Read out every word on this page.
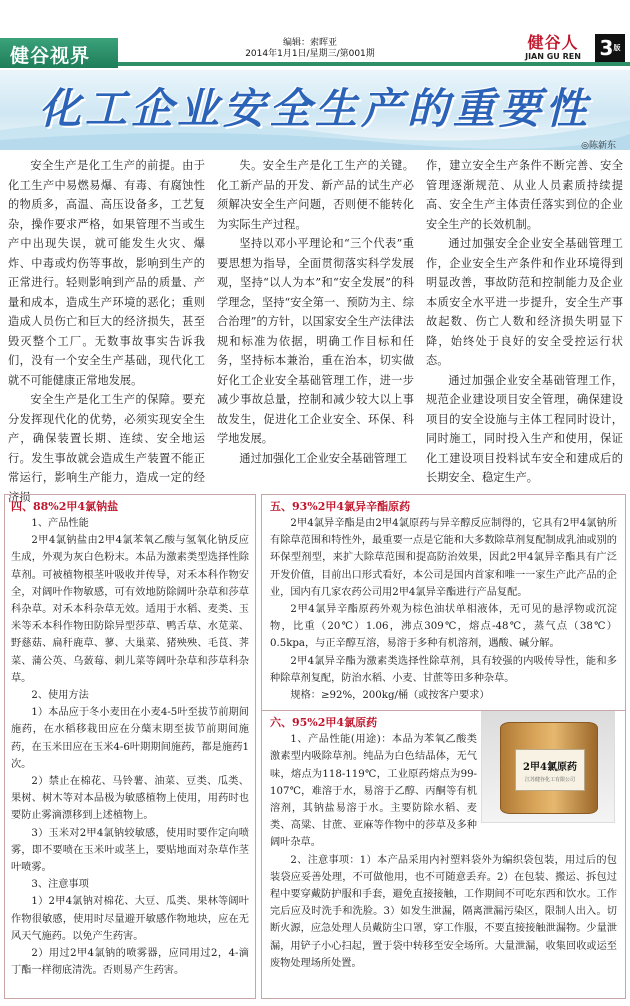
健谷视界
编辑：索晖亚
2014年1月1日/星期三/第001期
健谷人
JIAN GU REN $3^版$
化工企业安全生产的重要性
◎陈新东

安全生产是化工生产的前提。由于化工生产中易燃易爆、有毒、有腐蚀性的物质多，高温、高压设备多，工艺复杂，操作要求严格，如果管理不当或生产中出现失误，就可能发生火灾、爆炸、中毒或灼伤等事故，影响到生产的正常进行。轻则影响到产品的质量、产量和成本，造成生产环境的恶化；重则造成人员伤亡和巨大的经济损失，甚至毁灭整个工厂。无数事故事实告诉我们，没有一个安全生产基础，现代化工就不可能健康正常地发展。

安全生产是化工生产的保障。要充分发挥现代化的优势，必须实现安全生产，确保装置长期、连续、安全地运行。发生事故就会造成生产装置不能正常运行，影响生产能力，造成一定的经济损

失。安全生产是化工生产的关键。化工新产品的开发、新产品的试生产必须解决安全生产问题，否则便不能转化为实际生产过程。

坚持以邓小平理论和“三个代表”重要思想为指导，全面贯彻落实科学发展观，坚持“以人为本”和“安全发展”的科学理念，坚持“安全第一、预防为主、综合治理”的方针，以国家安全生产法律法规和标准为依据，明确工作目标和任务，坚持标本兼治，重在治本，切实做好化工企业安全基础管理工作，进一步减少事故总量，控制和减少较大以上事故发生，促进化工企业安全、环保、科学地发展。

通过加强化工企业安全基础管理工

作，建立安全生产条件不断完善、安全管理逐渐规范、从业人员素质持续提高、安全生产主体责任落实到位的企业安全生产的长效机制。

通过加强安全企业安全基础管理工作，企业安全生产条件和作业环境得到明显改善，事故防范和控制能力及企业本质安全水平进一步提升，安全生产事故起数、伤亡人数和经济损失明显下降，始终处于良好的安全受控运行状态。

通过加强企业安全基础管理工作，规范企业建设项目安全管理，确保建设项目的安全设施与主体工程同时设计，同时施工，同时投入生产和使用，保证化工建设项目投料试车安全和建成后的长期安全、稳定生产。

四、88%2甲4氯钠盐

1、产品性能

2甲4氯钠盐由2甲4氯苯氧乙酸与氢氧化钠反应生成，外观为灰白色粉末。本品为激素类型选择性除草剂。可被植物根茎叶吸收并传导，对禾本科作物安全，对阔叶作物敏感，可有效地防除阔叶杂草和莎草科杂草。对禾本科杂草无效。适用于水稻、麦类、玉米等禾本科作物田防除异型莎草、鸭舌草、水苋菜、野慈菇、扁秆鹿草、蓼、大巢菜、猪殃殃、毛茛、荠菜、蒲公英、乌蔹莓、刺儿菜等阔叶杂草和莎草科杂草。

2、使用方法

1）本品应于冬小麦田在小麦4-5叶至拔节前期间施药，在水稻移栽田应在分蘖末期至拔节前期间施药，在玉米田应在玉米4-6叶期期间施药，都是施药1次。

2）禁止在棉花、马铃薯、油菜、豆类、瓜类、果树、树木等对本品极为敏感植物上使用，用药时也要防止雾滴漂移到上述植物上。

3）玉米对2甲4氯钠较敏感，使用时要作定向喷雾，即不要喷在玉米叶或茎上，要贴地面对杂草作茎叶喷雾。

3、注意事项

1）2甲4氯钠对棉花、大豆、瓜类、果林等阔叶作物很敏感，使用时尽量避开敏感作物地块，应在无风天气施药。以免产生药害。

2）用过2甲4氯钠的喷雾器，应同用过2，4-滴丁酯一样彻底清洗。否则易产生药害。

五、93%2甲4氯异辛酯原药

2甲4氯异辛酯是由2甲4氯原药与异辛醇反应制得的，它具有2甲4氯钠所有除草范围和特性外，最重要一点是它能和大多数除草剂复配制成乳油或别的环保型剂型，来扩大除草范围和提高防治效果，因此2甲4氯异辛酯具有广泛开发价值，目前出口形式看好，本公司是国内首家和唯一一家生产此产品的企业，国内有几家农药公司用2甲4氯异辛酯进行产品复配。

2甲4氯异辛酯原药外观为棕色油状单相液体，无可见的悬浮物或沉淀物，比重（20℃）1.06，沸点309℃，熔点-48℃，蒸气点（38℃）0.5kpa，与正辛醇互溶，易溶于多种有机溶剂，遇酸、碱分解。

2甲4氯异辛酯为激素类选择性除草剂，具有较强的内吸传导性，能和多种除草剂复配，防治水稻、小麦、甘蔗等田多种杂草。

规格：≥92%，200kg/桶（或按客户要求）

六、95%2甲4氯原药

1、产品性能(用途)：本品为苯氧乙酸类激素型内吸除草剂。纯品为白色结晶体，无气味，熔点为118-119℃，工业原药熔点为99-107℃，难溶于水，易溶于乙醇、丙酮等有机溶剂，其钠盐易溶于水。主要防除水稻、麦类、高粱、甘蔗、亚麻等作物中的莎草及多种阔叶杂草。

2、注意事项：1）本产品采用内衬塑料袋外为编织袋包装，用过后的包装袋应妥善处理，不可做他用，也不可随意丢弃。2）在包装、搬运、拆包过程中要穿戴防护服和手套，避免直接接触，工作期间不可吃东西和饮水。工作完后应及时洗手和洗脸。3）如发生泄漏，隔离泄漏污染区，限制人出入。切断火源，应急处理人员戴防尘口罩，穿工作服，不要直接接触泄漏物。少量泄漏，用铲子小心扫起，置于袋中转移至安全场所。大量泄漏，收集回收或运至废物处理场所处置。

2甲4氯原药
江苏健谷化工有限公司
